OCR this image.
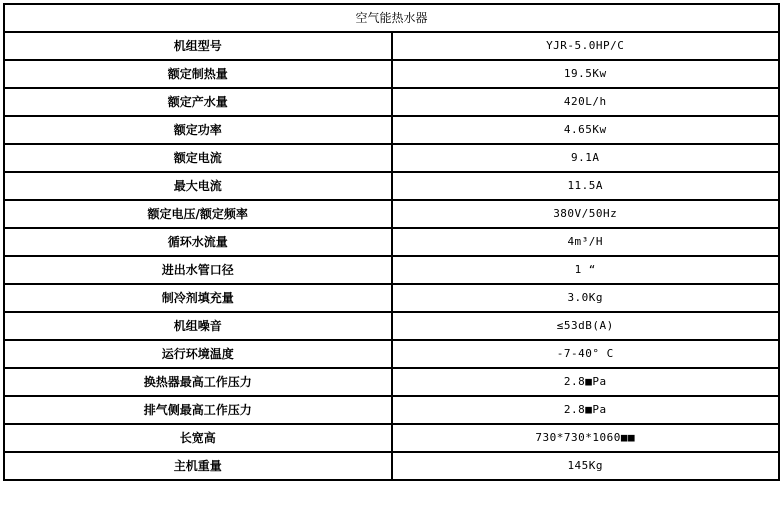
空气能热水器	
机组型号	YJR-5.0HP/C
额定制热量	19.5Kw
额定产水量	420L/h
额定功率	4.65Kw
额定电流	9.1A
最大电流	11.5A
额定电压/额定频率	380V/50Hz
循环水流量	4m³/H
进出水管口径	1 “
制冷剂填充量	3.0Kg
机组噪音	≤53dB(A)
运行环境温度	-7-40° C
换热器最高工作压力	2.8■Pa
排气侧最高工作压力	2.8■Pa
长宽高	730*730*1060■■
主机重量	145Kg
